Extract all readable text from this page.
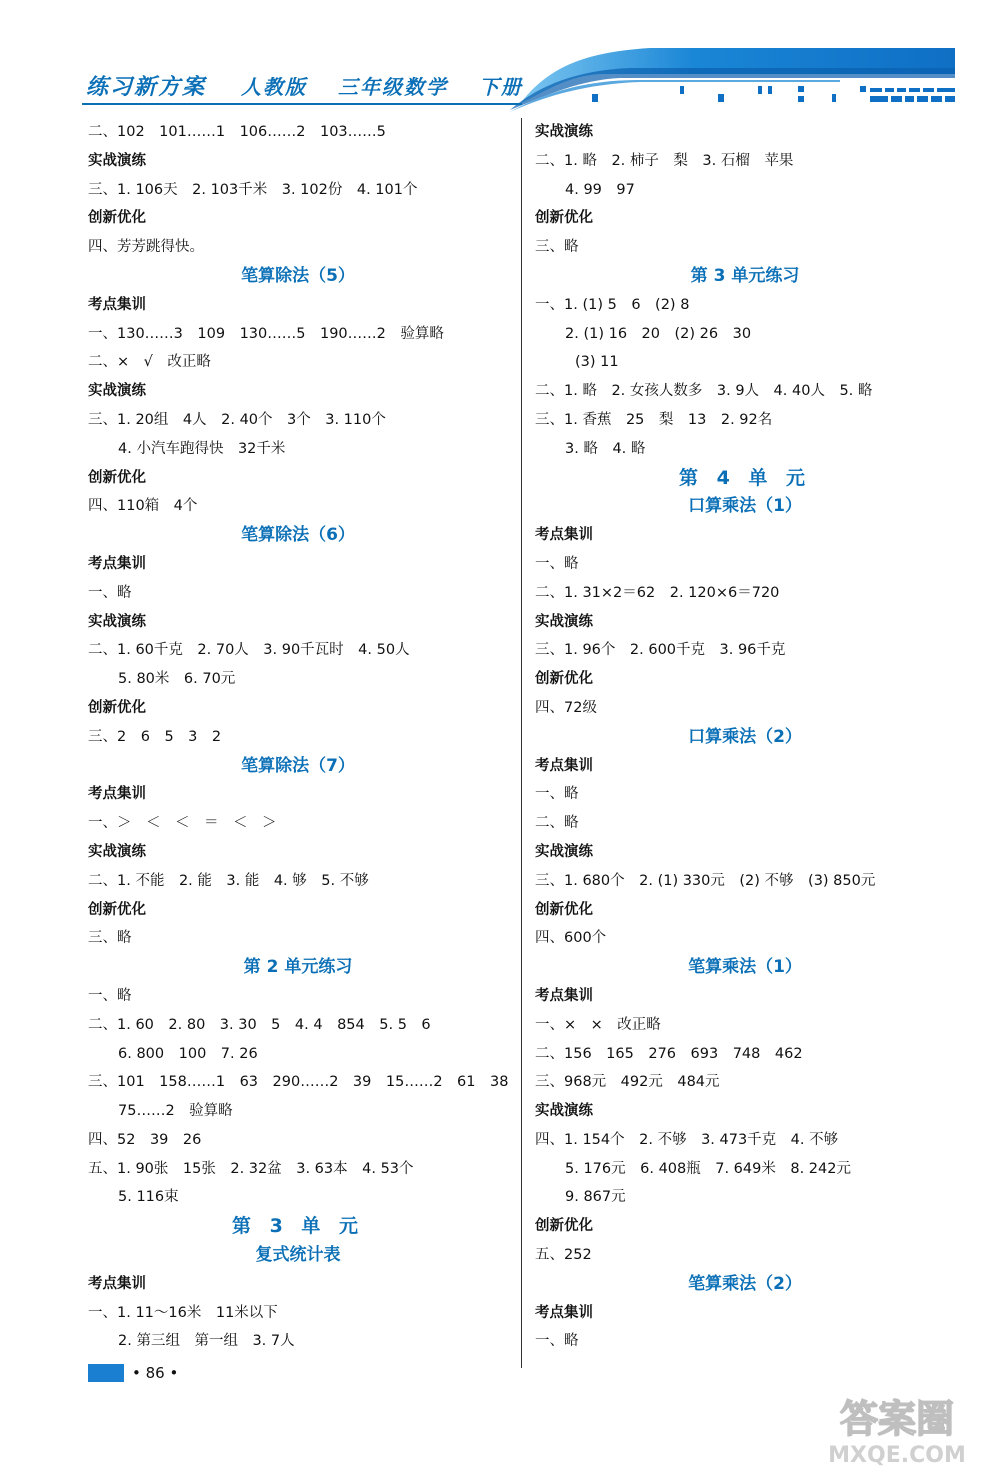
练习新方案 人教版 三年级数学 下册
二、102　101……1　106……2　103……5
实战演练
三、1. 106天　2. 103千米　3. 102份　4. 101个
创新优化
四、芳芳跳得快。
笔算除法（5）
考点集训
一、130……3　109　130……5　190……2　验算略
二、×　√　改正略
实战演练
三、1. 20组　4人　2. 40个　3个　3. 110个
4. 小汽车跑得快　32千米
创新优化
四、110箱　4个
笔算除法（6）
考点集训
一、略
实战演练
二、1. 60千克　2. 70人　3. 90千瓦时　4. 50人
5. 80米　6. 70元
创新优化
三、2　6　5　3　2
笔算除法（7）
考点集训
一、＞　＜　＜　＝　＜　＞
实战演练
二、1. 不能　2. 能　3. 能　4. 够　5. 不够
创新优化
三、略
第 2 单元练习
一、略
二、1. 60　2. 80　3. 30　5　4. 4　854　5. 5　6
6. 800　100　7. 26
三、101　158……1　63　290……2　39　15……2　61　38
75……2　验算略
四、52　39　26
五、1. 90张　15张　2. 32盆　3. 63本　4. 53个
5. 116束
第 3 单 元
复式统计表
考点集训
一、1. 11～16米　11米以下
2. 第三组　第一组　3. 7人
实战演练
二、1. 略　2. 柿子　梨　3. 石榴　苹果
4. 99　97
创新优化
三、略
第 3 单元练习
一、1. (1) 5　6　(2) 8
2. (1) 16　20　(2) 26　30
(3) 11
二、1. 略　2. 女孩人数多　3. 9人　4. 40人　5. 略
三、1. 香蕉　25　梨　13　2. 92名
3. 略　4. 略
第 4 单 元
口算乘法（1）
考点集训
一、略
二、1. 31×2＝62　2. 120×6＝720
实战演练
三、1. 96个　2. 600千克　3. 96千克
创新优化
四、72级
口算乘法（2）
考点集训
一、略
二、略
实战演练
三、1. 680个　2. (1) 330元　(2) 不够　(3) 850元
创新优化
四、600个
笔算乘法（1）
考点集训
一、×　×　改正略
二、156　165　276　693　748　462
三、968元　492元　484元
实战演练
四、1. 154个　2. 不够　3. 473千克　4. 不够
5. 176元　6. 408瓶　7. 649米　8. 242元
9. 867元
创新优化
五、252
笔算乘法（2）
考点集训
一、略
• 86 •
答案圈
MXQE.COM
